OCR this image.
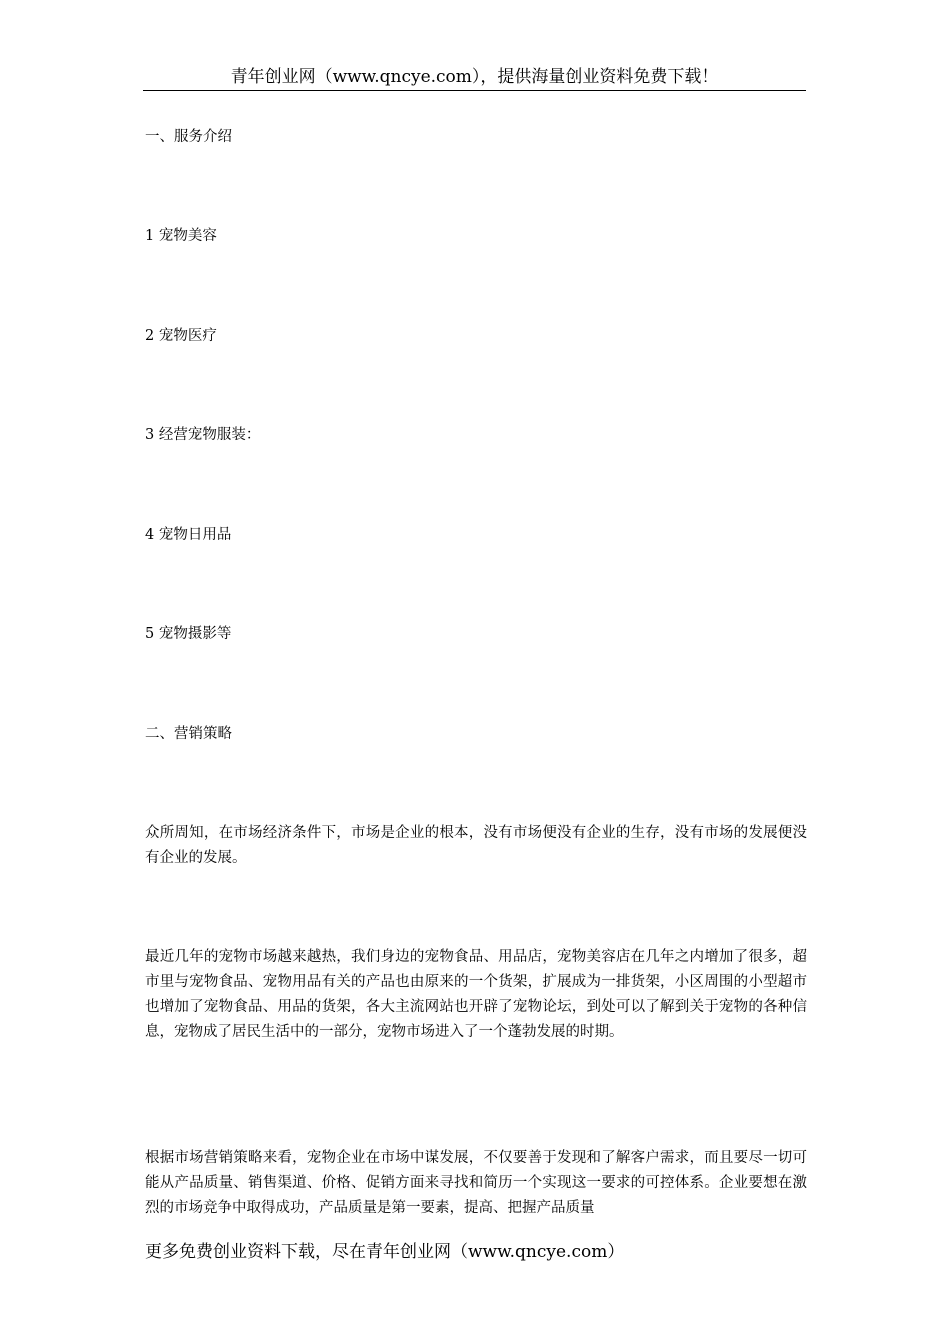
青年创业网（www.qncye.com），提供海量创业资料免费下载！
一、服务介绍
1 宠物美容
2 宠物医疗
3 经营宠物服装：
4 宠物日用品
5 宠物摄影等
二、营销策略
众所周知，在市场经济条件下，市场是企业的根本，没有市场便没有企业的生存，没有市场的发展便没有企业的发展。
最近几年的宠物市场越来越热，我们身边的宠物食品、用品店，宠物美容店在几年之内增加了很多，超市里与宠物食品、宠物用品有关的产品也由原来的一个货架，扩展成为一排货架，小区周围的小型超市也增加了宠物食品、用品的货架，各大主流网站也开辟了宠物论坛，到处可以了解到关于宠物的各种信息，宠物成了居民生活中的一部分，宠物市场进入了一个蓬勃发展的时期。
根据市场营销策略来看，宠物企业在市场中谋发展，不仅要善于发现和了解客户需求，而且要尽一切可能从产品质量、销售渠道、价格、促销方面来寻找和简历一个实现这一要求的可控体系。企业要想在激烈的市场竞争中取得成功，产品质量是第一要素，提高、把握产品质量
更多免费创业资料下载，尽在青年创业网（www.qncye.com）
